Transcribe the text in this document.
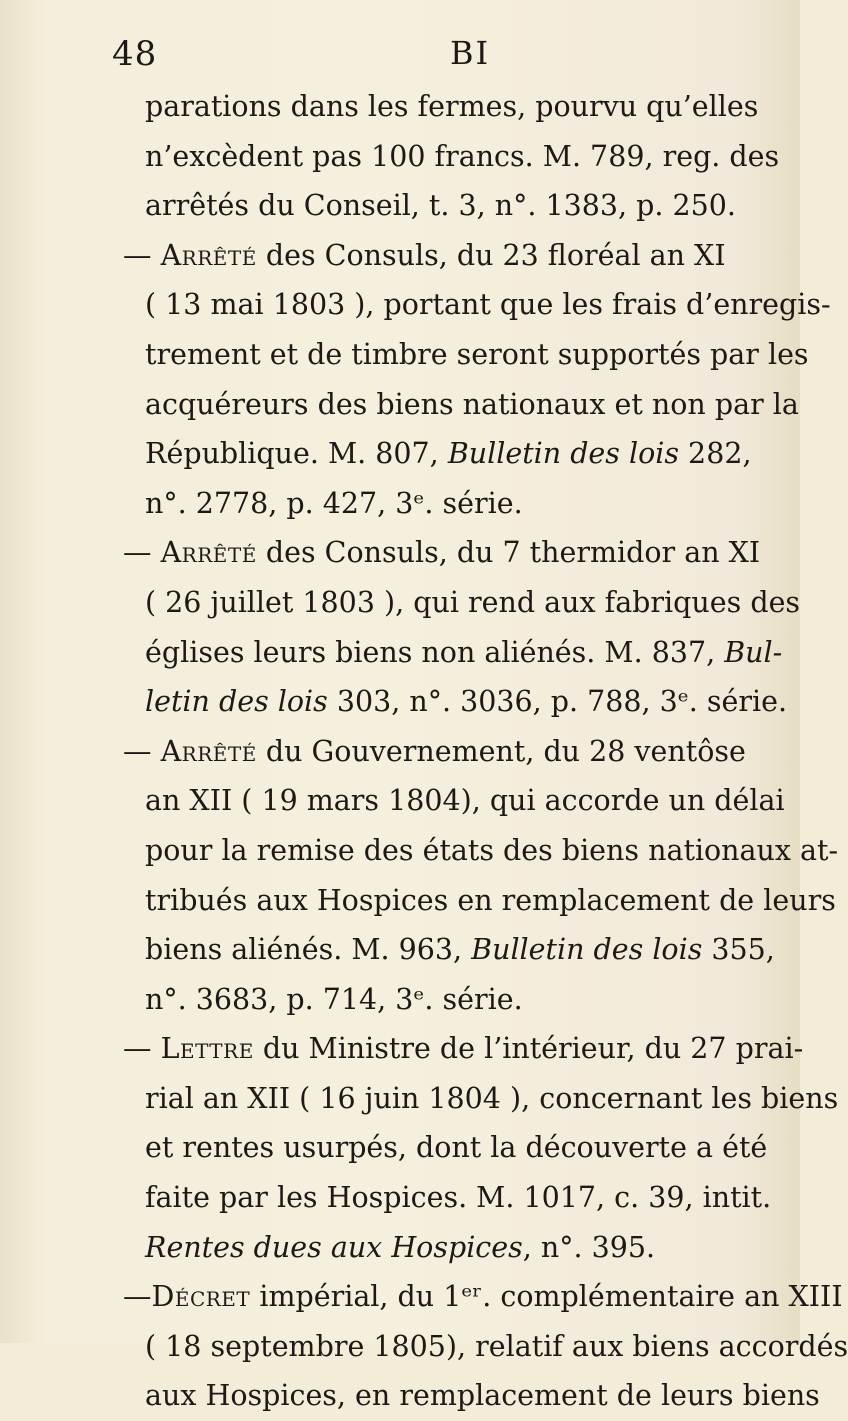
48	BI
parations dans les fermes, pourvu qu’elles
n’excèdent pas 100 francs. M. 789, reg. des
arrêtés du Conseil, t. 3, n°. 1383, p. 250.
— Arrêté des Consuls, du 23 floréal an XI
( 13 mai 1803 ), portant que les frais d’enregis-
trement et de timbre seront supportés par les
acquéreurs des biens nationaux et non par la
République. M. 807, Bulletin des lois 282,
n°. 2778, p. 427, 3ᵉ. série.
— Arrêté des Consuls, du 7 thermidor an XI
( 26 juillet 1803 ), qui rend aux fabriques des
églises leurs biens non aliénés. M. 837, Bul-
letin des lois 303, n°. 3036, p. 788, 3ᵉ. série.
— Arrêté du Gouvernement, du 28 ventôse
an XII ( 19 mars 1804), qui accorde un délai
pour la remise des états des biens nationaux at-
tribués aux Hospices en remplacement de leurs
biens aliénés. M. 963, Bulletin des lois 355,
n°. 3683, p. 714, 3ᵉ. série.
— Lettre du Ministre de l’intérieur, du 27 prai-
rial an XII ( 16 juin 1804 ), concernant les biens
et rentes usurpés, dont la découverte a été
faite par les Hospices. M. 1017, c. 39, intit.
Rentes dues aux Hospices, n°. 395.
—Décret impérial, du 1ᵉʳ. complémentaire an XIII
( 18 septembre 1805), relatif aux biens accordés
aux Hospices, en remplacement de leurs biens
